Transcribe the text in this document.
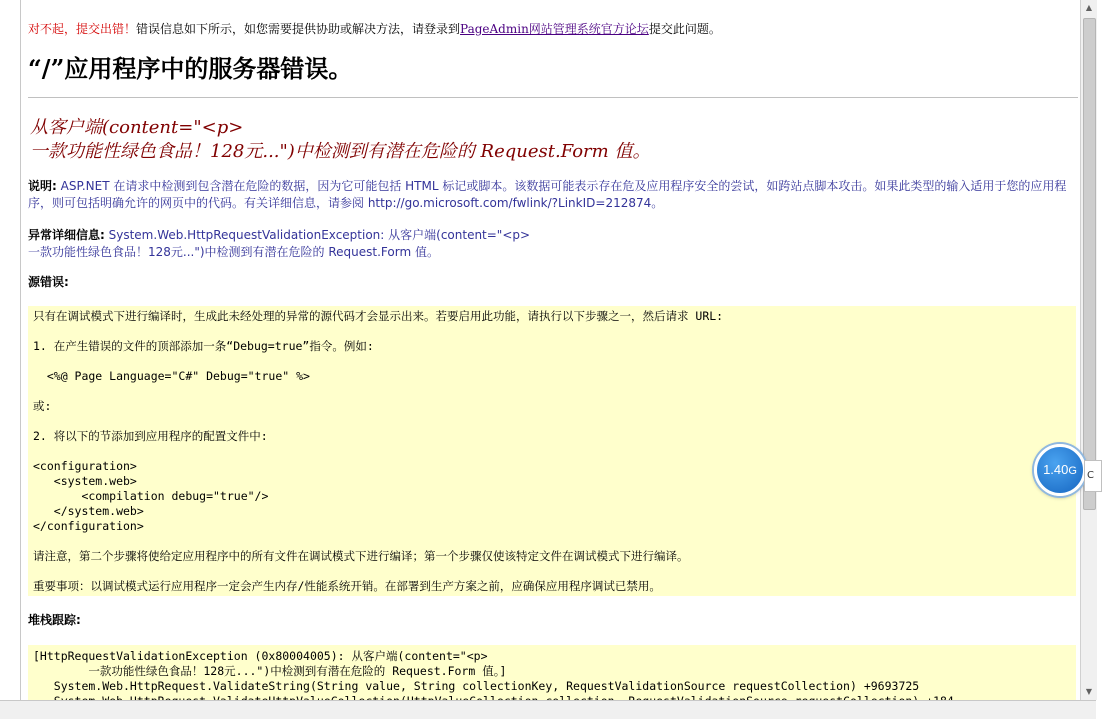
对不起，提交出错！错误信息如下所示，如您需要提供协助或解决方法，请登录到PageAdmin网站管理系统官方论坛提交此问题。
“/”应用程序中的服务器错误。
从客户端(content="<p>
一款功能性绿色食品！128元...")中检测到有潜在危险的 Request.Form 值。
说明: ASP.NET 在请求中检测到包含潜在危险的数据，因为它可能包括 HTML 标记或脚本。该数据可能表示存在危及应用程序安全的尝试，如跨站点脚本攻击。如果此类型的输入适用于您的应用程序，则可包括明确允许的网页中的代码。有关详细信息，请参阅 http://go.microsoft.com/fwlink/?LinkID=212874。
异常详细信息: System.Web.HttpRequestValidationException: 从客户端(content="<p>
一款功能性绿色食品！128元...")中检测到有潜在危险的 Request.Form 值。
源错误:
只有在调试模式下进行编译时，生成此未经处理的异常的源代码才会显示出来。若要启用此功能，请执行以下步骤之一，然后请求 URL:
1. 在产生错误的文件的顶部添加一条“Debug=true”指令。例如:
<%@ Page Language="C#" Debug="true" %>
或:
2. 将以下的节添加到应用程序的配置文件中:
<configuration>
<system.web>
<compilation debug="true"/>
</system.web>
</configuration>
请注意，第二个步骤将使给定应用程序中的所有文件在调试模式下进行编译；第一个步骤仅使该特定文件在调试模式下进行编译。
重要事项：以调试模式运行应用程序一定会产生内存/性能系统开销。在部署到生产方案之前，应确保应用程序调试已禁用。
堆栈跟踪:
[HttpRequestValidationException (0x80004005): 从客户端(content="<p>
一款功能性绿色食品！128元...")中检测到有潜在危险的 Request.Form 值。]
System.Web.HttpRequest.ValidateString(String value, String collectionKey, RequestValidationSource requestCollection) +9693725
▲
▼
1.40G	C
